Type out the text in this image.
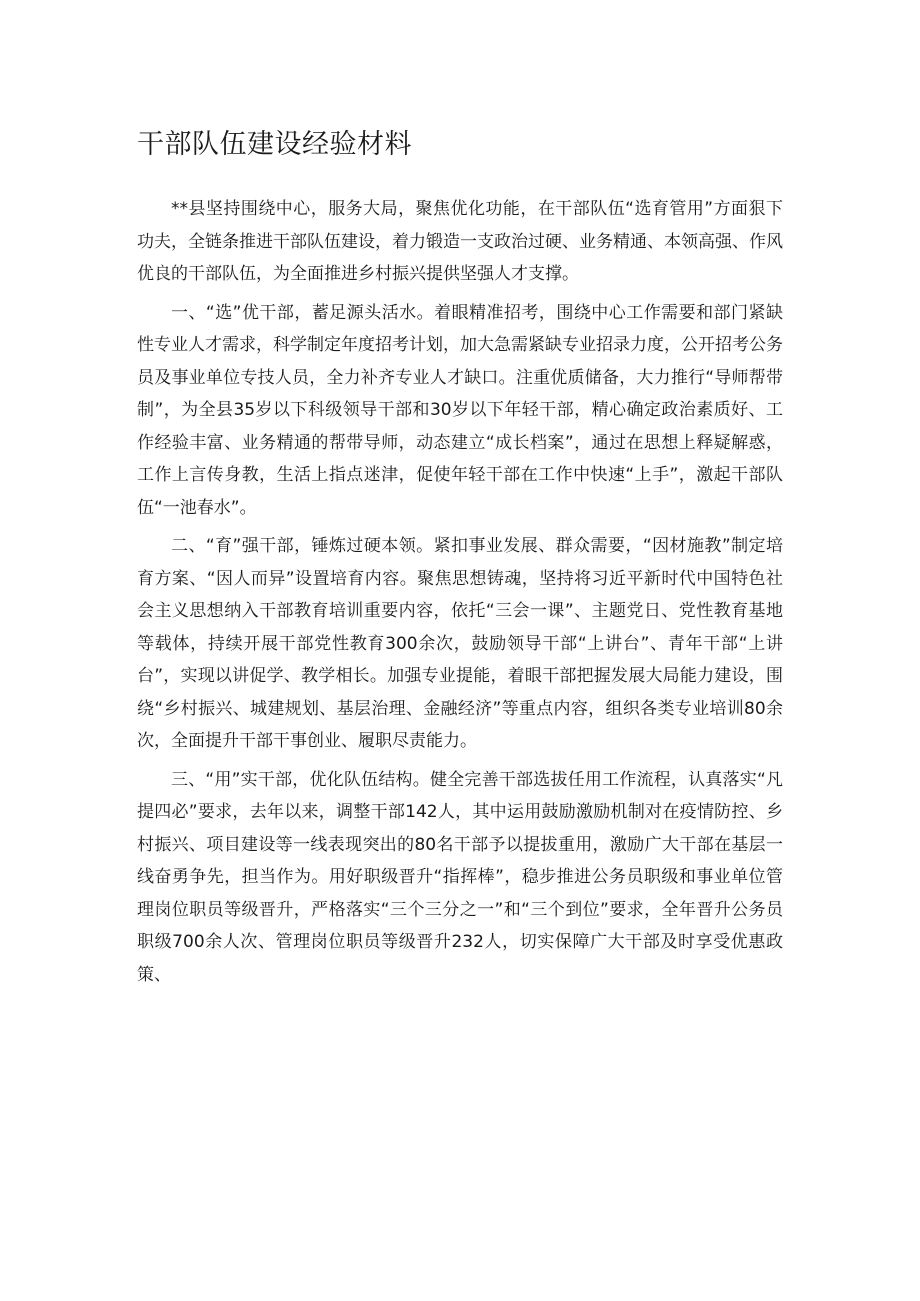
干部队伍建设经验材料

**县坚持围绕中心，服务大局，聚焦优化功能，在干部队伍“选育管用”方面狠下功夫，全链条推进干部队伍建设，着力锻造一支政治过硬、业务精通、本领高强、作风优良的干部队伍，为全面推进乡村振兴提供坚强人才支撑。

一、“选”优干部，蓄足源头活水。着眼精准招考，围绕中心工作需要和部门紧缺性专业人才需求，科学制定年度招考计划，加大急需紧缺专业招录力度，公开招考公务员及事业单位专技人员，全力补齐专业人才缺口。注重优质储备，大力推行“导师帮带制”，为全县35岁以下科级领导干部和30岁以下年轻干部，精心确定政治素质好、工作经验丰富、业务精通的帮带导师，动态建立“成长档案”，通过在思想上释疑解惑，工作上言传身教，生活上指点迷津，促使年轻干部在工作中快速“上手”，激起干部队伍“一池春水”。

二、“育”强干部，锤炼过硬本领。紧扣事业发展、群众需要，“因材施教”制定培育方案、“因人而异”设置培育内容。聚焦思想铸魂，坚持将习近平新时代中国特色社会主义思想纳入干部教育培训重要内容，依托“三会一课”、主题党日、党性教育基地等载体，持续开展干部党性教育300余次，鼓励领导干部“上讲台”、青年干部“上讲台”，实现以讲促学、教学相长。加强专业提能，着眼干部把握发展大局能力建设，围绕“乡村振兴、城建规划、基层治理、金融经济”等重点内容，组织各类专业培训80余次，全面提升干部干事创业、履职尽责能力。

三、“用”实干部，优化队伍结构。健全完善干部选拔任用工作流程，认真落实“凡提四必”要求，去年以来，调整干部142人，其中运用鼓励激励机制对在疫情防控、乡村振兴、项目建设等一线表现突出的80名干部予以提拔重用，激励广大干部在基层一线奋勇争先，担当作为。用好职级晋升“指挥棒”，稳步推进公务员职级和事业单位管理岗位职员等级晋升，严格落实“三个三分之一”和“三个到位”要求，全年晋升公务员职级700余人次、管理岗位职员等级晋升232人，切实保障广大干部及时享受优惠政策、
